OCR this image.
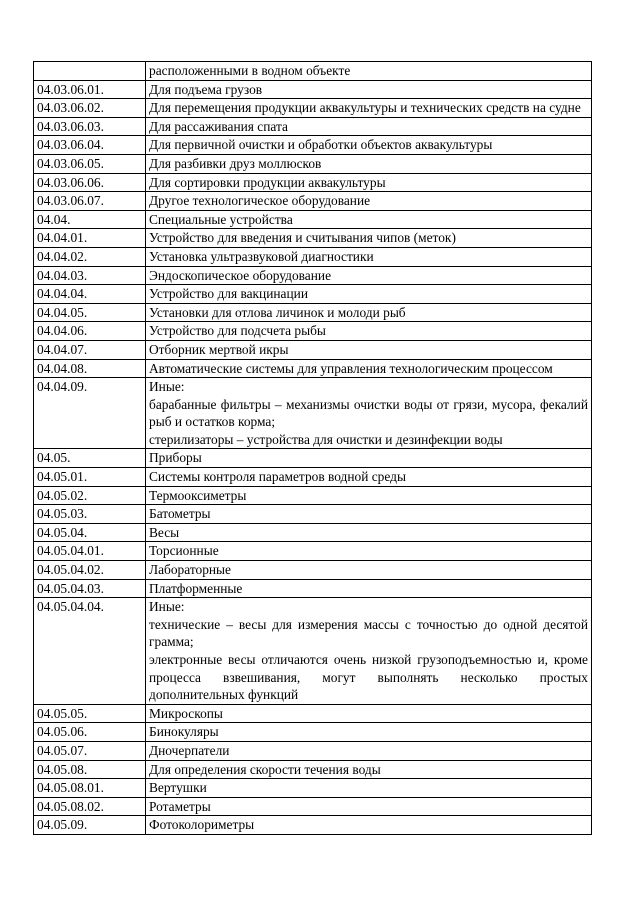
	расположенными в водном объекте

04.03.06.01.	Для подъема грузов

04.03.06.02.	Для перемещения продукции аквакультуры и технических средств на судне

04.03.06.03.	Для рассаживания спата

04.03.06.04.	Для первичной очистки и обработки объектов аквакультуры

04.03.06.05.	Для разбивки друз моллюсков

04.03.06.06.	Для сортировки продукции аквакультуры

04.03.06.07.	Другое технологическое оборудование

04.04.	Специальные устройства

04.04.01.	Устройство для введения и считывания чипов (меток)

04.04.02.	Установка ультразвуковой диагностики

04.04.03.	Эндоскопическое оборудование

04.04.04.	Устройство для вакцинации

04.04.05.	Установки для отлова личинок и молоди рыб

04.04.06.	Устройство для подсчета рыбы

04.04.07.	Отборник мертвой икры

04.04.08.	Автоматические системы для управления технологическим процессом

04.04.09.	Иные:

барабанные фильтры – механизмы очистки воды от грязи, мусора, фекалий рыб и остатков корма;

стерилизаторы – устройства для очистки и дезинфекции воды

04.05.	Приборы

04.05.01.	Системы контроля параметров водной среды

04.05.02.	Термооксиметры

04.05.03.	Батометры

04.05.04.	Весы

04.05.04.01.	Торсионные

04.05.04.02.	Лабораторные

04.05.04.03.	Платформенные

04.05.04.04.	Иные:

технические – весы для измерения массы с точностью до одной десятой грамма;

электронные весы отличаются очень низкой грузоподъемностью и, кроме процесса взвешивания, могут выполнять несколько простых дополнительных функций

04.05.05.	Микроскопы

04.05.06.	Бинокуляры

04.05.07.	Дночерпатели

04.05.08.	Для определения скорости течения воды

04.05.08.01.	Вертушки

04.05.08.02.	Ротаметры

04.05.09.	Фотоколориметры
